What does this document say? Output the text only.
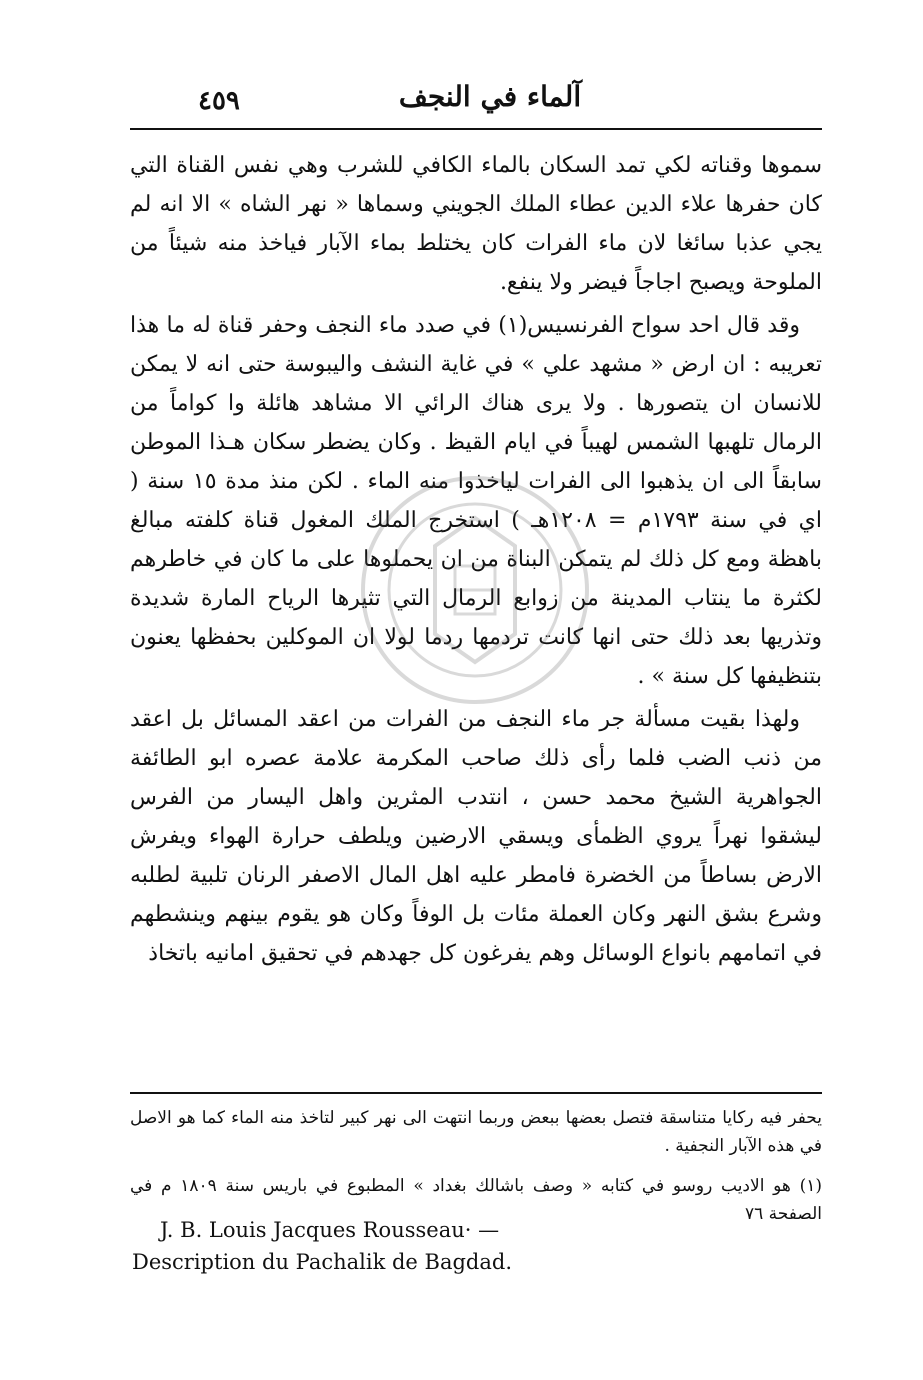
٤٥٩	آلماء في النجف

سموها وقناته لكي تمد السكان بالماء الكافي للشرب وهي نفس القناة التي كان حفرها علاء الدين عطاء الملك الجويني وسماها « نهر الشاه » الا انه لم يجي عذبا سائغا لان ماء الفرات كان يختلط بماء الآبار فياخذ منه شيئاً من الملوحة ويصبح اجاجاً فيضر ولا ينفع.

وقد قال احد سواح الفرنسيس(١) في صدد ماء النجف وحفر قناة له ما هذا تعريبه : ان ارض « مشهد علي » في غاية النشف واليبوسة حتى انه لا يمكن للانسان ان يتصورها . ولا يرى هناك الرائي الا مشاهد هائلة وا كواماً من الرمال تلهبها الشمس لهيباً في ايام القيظ . وكان يضطر سكان هـذا الموطن سابقاً الى ان يذهبوا الى الفرات لياخذوا منه الماء . لكن منذ مدة ١٥ سنة ( اي في سنة ١٧٩٣م = ١٢٠٨هـ ) استخرج الملك المغول قناة كلفته مبالغ باهظة ومع كل ذلك لم يتمكن البناة من ان يحملوها على ما كان في خاطرهم لكثرة ما ينتاب المدينة من زوابع الرمال التي تثيرها الرياح المارة شديدة وتذريها بعد ذلك حتى انها كانت تردمها ردما لولا ان الموكلين بحفظها يعنون بتنظيفها كل سنة » .

ولهذا بقيت مسألة جر ماء النجف من الفرات من اعقد المسائل بل اعقد من ذنب الضب فلما رأى ذلك صاحب المكرمة علامة عصره ابو الطائفة الجواهرية الشيخ محمد حسن ، انتدب المثرين واهل اليسار من الفرس ليشقوا نهراً يروي الظمأى ويسقي الارضين ويلطف حرارة الهواء ويفرش الارض بساطاً من الخضرة فامطر عليه اهل المال الاصفر الرنان تلبية لطلبه وشرع بشق النهر وكان العملة مئات بل الوفاً وكان هو يقوم بينهم وينشطهم في اتمامهم بانواع الوسائل وهم يفرغون كل جهدهم في تحقيق امانيه باتخاذ

يحفر فيه ركايا متناسقة فتصل بعضها ببعض وربما انتهت الى نهر كبير لتاخذ منه الماء كما هو الاصل في هذه الآبار النجفية .

(١) هو الاديب روسو في كتابه « وصف باشالك بغداد » المطبوع في باريس سنة ١٨٠٩ م في الصفحة ٧٦

J. B. Louis Jacques Rousseau· —
Description du Pachalik de Bagdad.
